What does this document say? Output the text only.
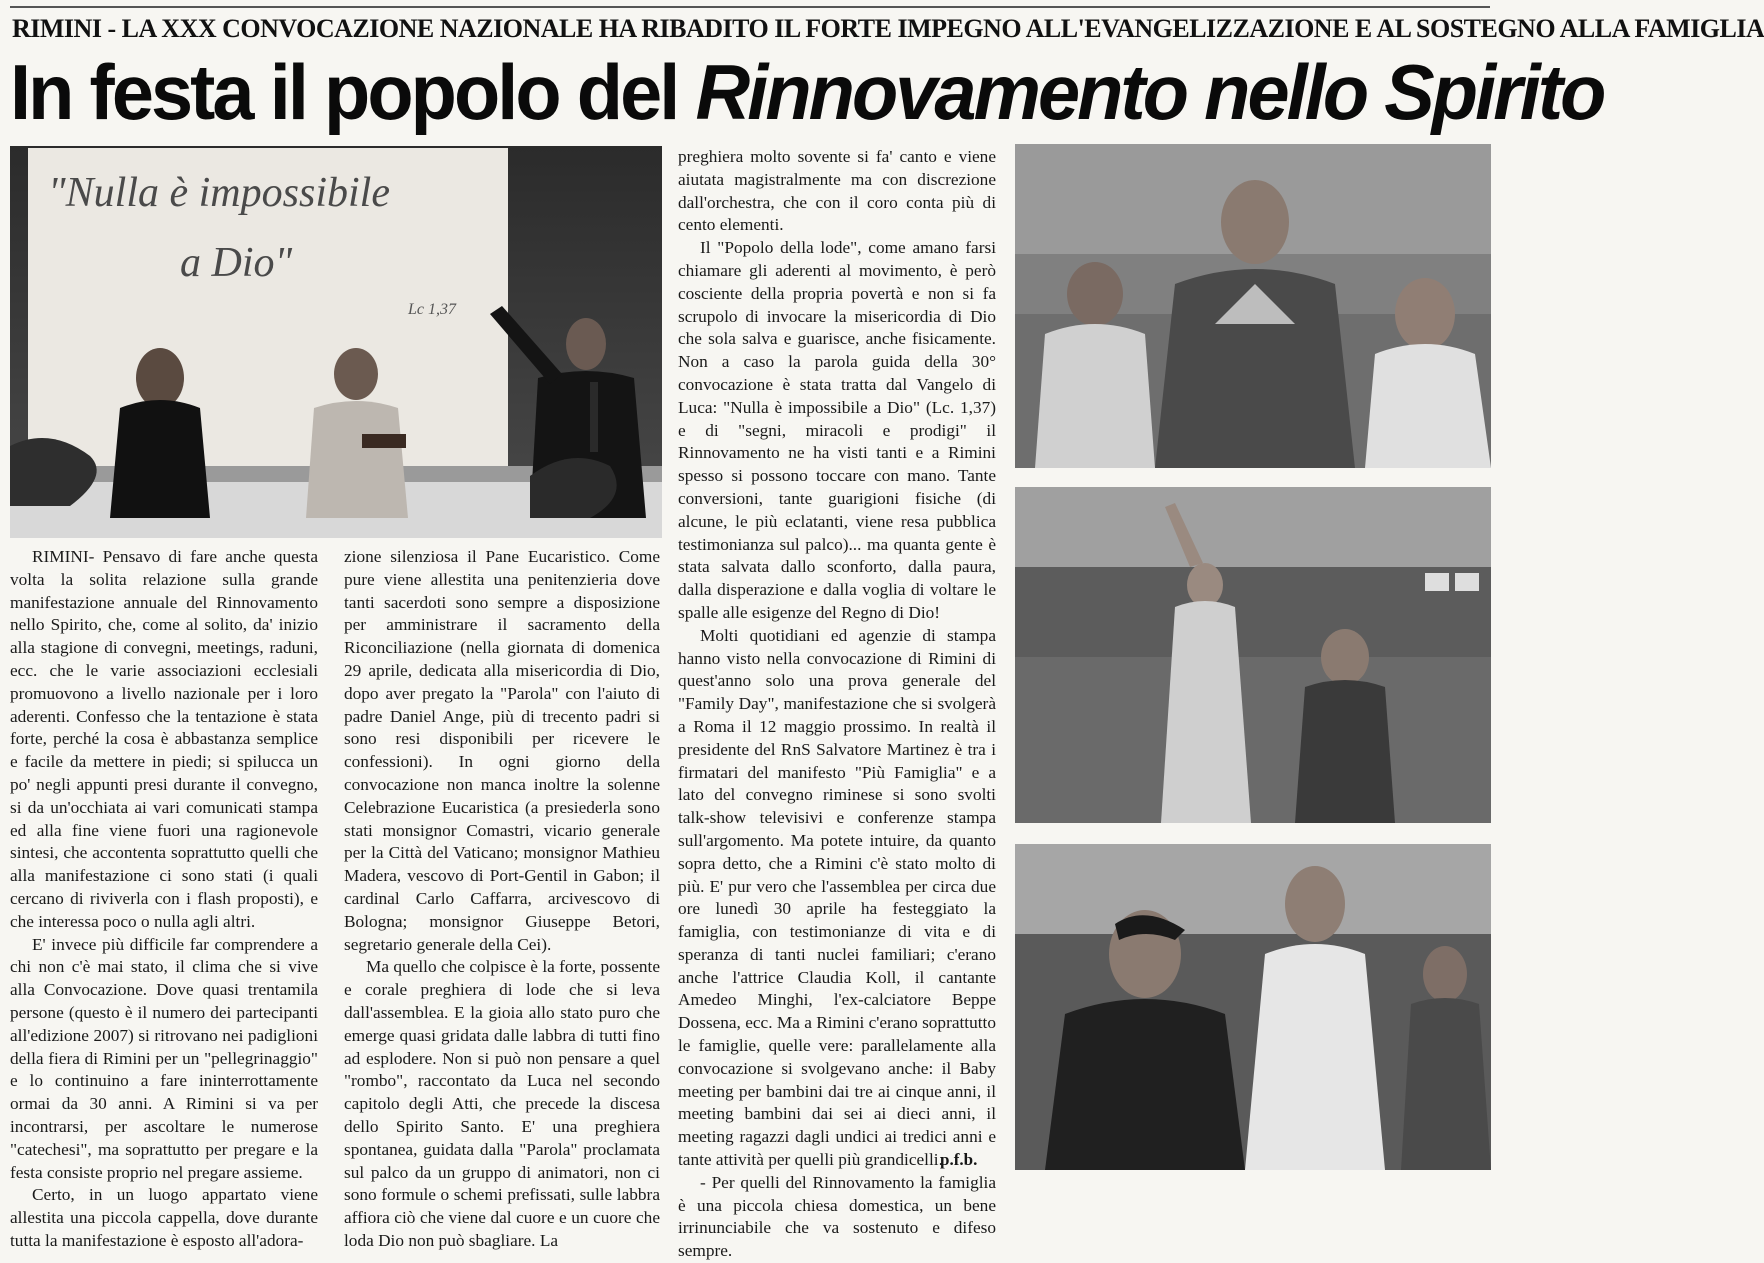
RIMINI - LA XXX CONVOCAZIONE NAZIONALE HA RIBADITO IL FORTE IMPEGNO ALL'EVANGELIZZAZIONE E AL SOSTEGNO ALLA FAMIGLIA
In festa il popolo del Rinnovamento nello Spirito
"Nulla è impossibile
a Dio"
Lc 1,37

RIMINI- Pensavo di fare anche questa volta la solita relazione sulla grande manifestazione annuale del Rinnovamento nello Spirito, che, come al solito, da' inizio alla stagione di convegni, meetings, raduni, ecc. che le varie associazioni ecclesiali promuovono a livello nazionale per i loro aderenti. Confesso che la tentazione è stata forte, perché la cosa è abbastanza semplice e facile da mettere in piedi; si spilucca un po' negli appunti presi durante il convegno, si da un'occhiata ai vari comunicati stampa ed alla fine viene fuori una ragionevole sintesi, che accontenta soprattutto quelli che alla manifestazione ci sono stati (i quali cercano di riviverla con i flash proposti), e che interessa poco o nulla agli altri.

E' invece più difficile far comprendere a chi non c'è mai stato, il clima che si vive alla Convocazione. Dove quasi trentamila persone (questo è il numero dei partecipanti all'edizione 2007) si ritrovano nei padiglioni della fiera di Rimini per un "pellegrinaggio" e lo continuino a fare ininterrottamente ormai da 30 anni. A Rimini si va per incontrarsi, per ascoltare le numerose "catechesi", ma soprattutto per pregare e la festa consiste proprio nel pregare assieme.

Certo, in un luogo appartato viene allestita una piccola cappella, dove durante tutta la manifestazione è esposto all'adora-

zione silenziosa il Pane Eucaristico. Come pure viene allestita una penitenzieria dove tanti sacerdoti sono sempre a disposizione per amministrare il sacramento della Riconciliazione (nella giornata di domenica 29 aprile, dedicata alla misericordia di Dio, dopo aver pregato la "Parola" con l'aiuto di padre Daniel Ange, più di trecento padri si sono resi disponibili per ricevere le confessioni). In ogni giorno della convocazione non manca inoltre la solenne Celebrazione Eucaristica (a presiederla sono stati monsignor Comastri, vicario generale per la Città del Vaticano; monsignor Mathieu Madera, vescovo di Port-Gentil in Gabon; il cardinal Carlo Caffarra, arcivescovo di Bologna; monsignor Giuseppe Betori, segretario generale della Cei).

Ma quello che colpisce è la forte, possente e corale preghiera di lode che si leva dall'assemblea. E la gioia allo stato puro che emerge quasi gridata dalle labbra di tutti fino ad esplodere. Non si può non pensare a quel "rombo", raccontato da Luca nel secondo capitolo degli Atti, che precede la discesa dello Spirito Santo. E' una preghiera spontanea, guidata dalla "Parola" proclamata sul palco da un gruppo di animatori, non ci sono formule o schemi prefissati, sulle labbra affiora ciò che viene dal cuore e un cuore che loda Dio non può sbagliare. La

preghiera molto sovente si fa' canto e viene aiutata magistralmente ma con discrezione dall'orchestra, che con il coro conta più di cento elementi.

Il "Popolo della lode", come amano farsi chiamare gli aderenti al movimento, è però cosciente della propria povertà e non si fa scrupolo di invocare la misericordia di Dio che sola salva e guarisce, anche fisicamente. Non a caso la parola guida della 30° convocazione è stata tratta dal Vangelo di Luca: "Nulla è impossibile a Dio" (Lc. 1,37) e di "segni, miracoli e prodigi" il Rinnovamento ne ha visti tanti e a Rimini spesso si possono toccare con mano. Tante conversioni, tante guarigioni fisiche (di alcune, le più eclatanti, viene resa pubblica testimonianza sul palco)... ma quanta gente è stata salvata dallo sconforto, dalla paura, dalla disperazione e dalla voglia di voltare le spalle alle esigenze del Regno di Dio!

Molti quotidiani ed agenzie di stampa hanno visto nella convocazione di Rimini di quest'anno solo una prova generale del "Family Day", manifestazione che si svolgerà a Roma il 12 maggio prossimo. In realtà il presidente del RnS Salvatore Martinez è tra i firmatari del manifesto "Più Famiglia" e a lato del convegno riminese si sono svolti talk-show televisivi e conferenze stampa sull'argomento. Ma potete intuire, da quanto sopra detto, che a Rimini c'è stato molto di più. E' pur vero che l'assemblea per circa due ore lunedì 30 aprile ha festeggiato la famiglia, con testimonianze di vita e di speranza di tanti nuclei familiari; c'erano anche l'attrice Claudia Koll, il cantante Amedeo Minghi, l'ex-calciatore Beppe Dossena, ecc. Ma a Rimini c'erano soprattutto le famiglie, quelle vere: parallelamente alla convocazione si svolgevano anche: il Baby meeting per bambini dai tre ai cinque anni, il meeting bambini dai sei ai dieci anni, il meeting ragazzi dagli undici ai tredici anni e tante attività per quelli più grandicelli.

- Per quelli del Rinnovamento la famiglia è una piccola chiesa domestica, un bene irrinunciabile che va sostenuto e difeso sempre.

p.f.b.
